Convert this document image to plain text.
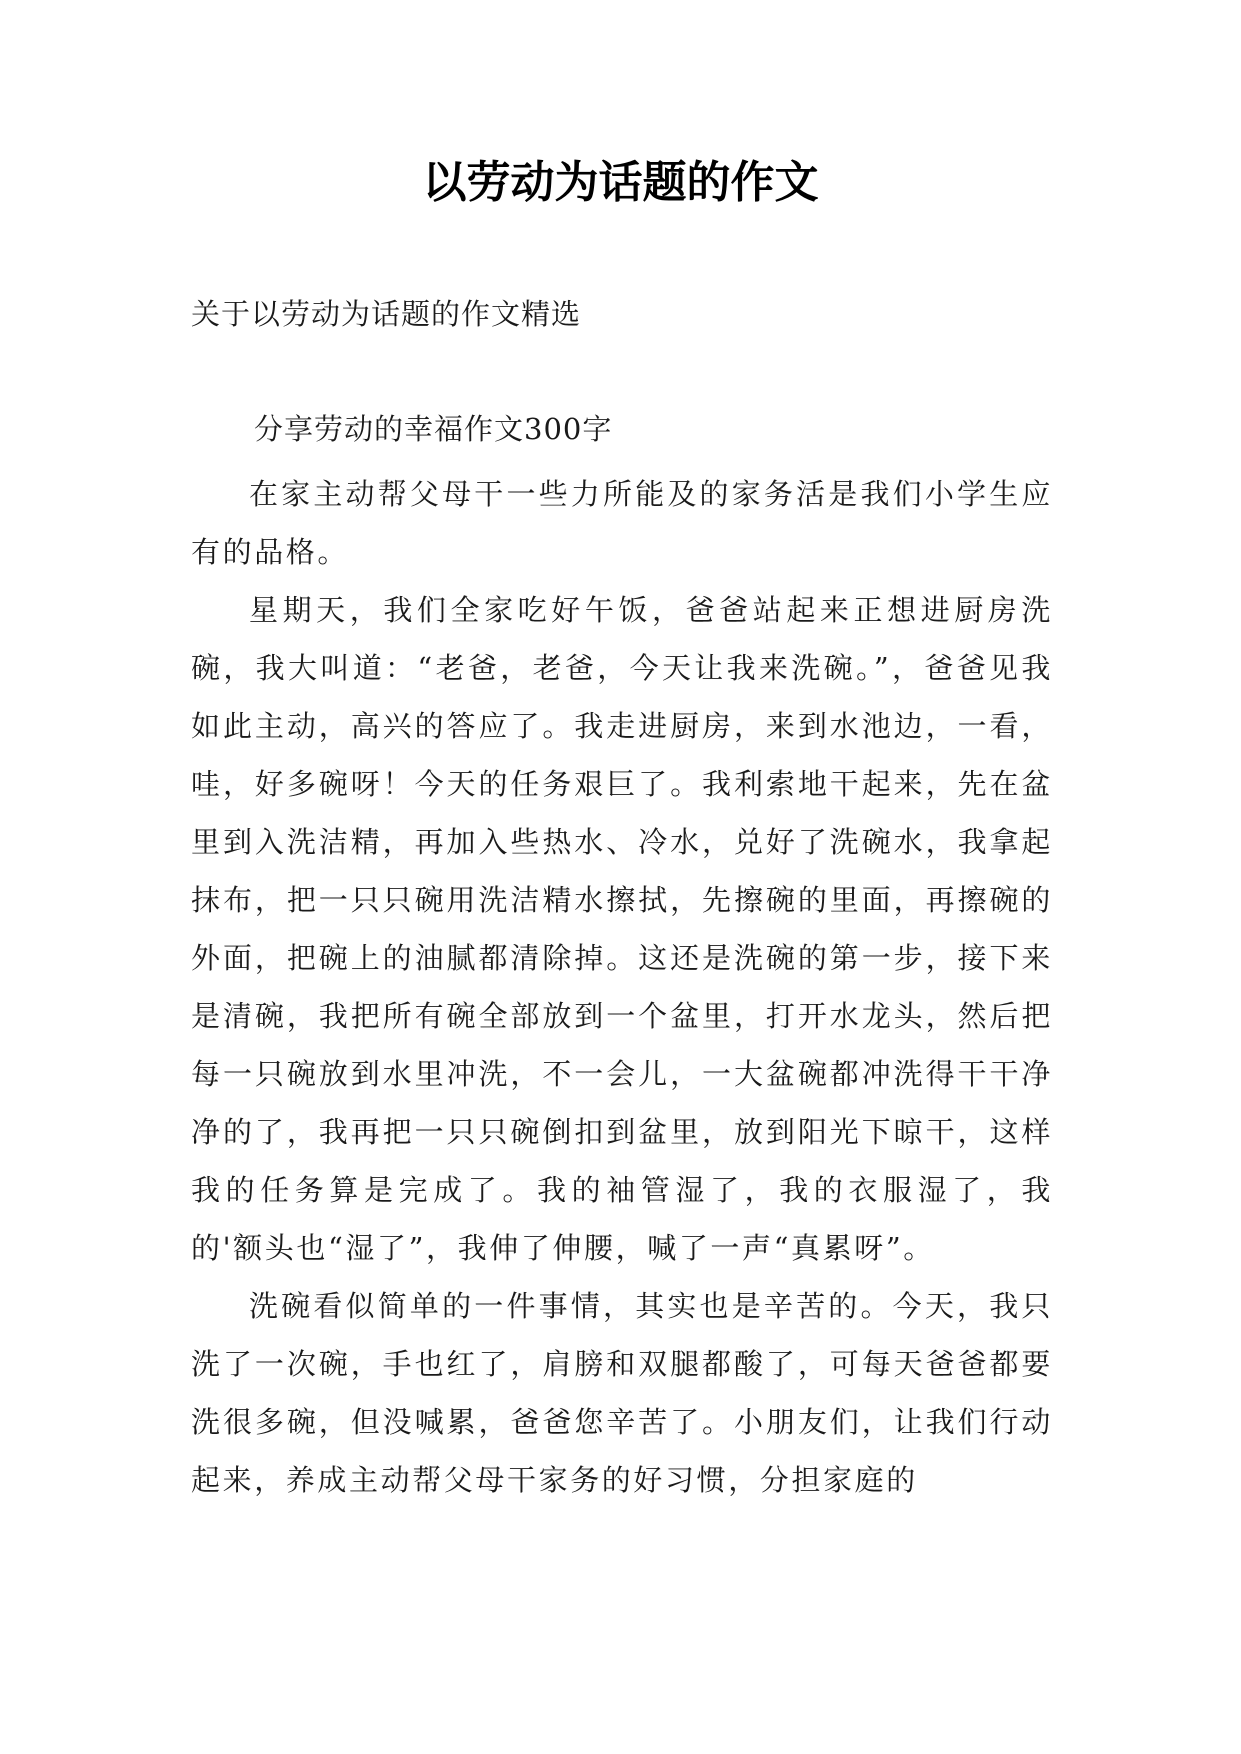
以劳动为话题的作文
关于以劳动为话题的作文精选
分享劳动的幸福作文300字

在家主动帮父母干一些力所能及的家务活是我们小学生应有的品格。

星期天，我们全家吃好午饭，爸爸站起来正想进厨房洗碗，我大叫道：“老爸，老爸，今天让我来洗碗。”，爸爸见我如此主动，高兴的答应了。我走进厨房，来到水池边，一看，哇，好多碗呀！今天的任务艰巨了。我利索地干起来，先在盆里到入洗洁精，再加入些热水、冷水，兑好了洗碗水，我拿起抹布，把一只只碗用洗洁精水擦拭，先擦碗的里面，再擦碗的外面，把碗上的油腻都清除掉。这还是洗碗的第一步，接下来是清碗，我把所有碗全部放到一个盆里，打开水龙头，然后把每一只碗放到水里冲洗，不一会儿，一大盆碗都冲洗得干干净净的了，我再把一只只碗倒扣到盆里，放到阳光下晾干，这样我的任务算是完成了。我的袖管湿了，我的衣服湿了，我的'额头也“湿了”，我伸了伸腰，喊了一声“真累呀”。

洗碗看似简单的一件事情，其实也是辛苦的。今天，我只洗了一次碗，手也红了，肩膀和双腿都酸了，可每天爸爸都要洗很多碗，但没喊累，爸爸您辛苦了。小朋友们，让我们行动起来，养成主动帮父母干家务的好习惯，分担家庭的
